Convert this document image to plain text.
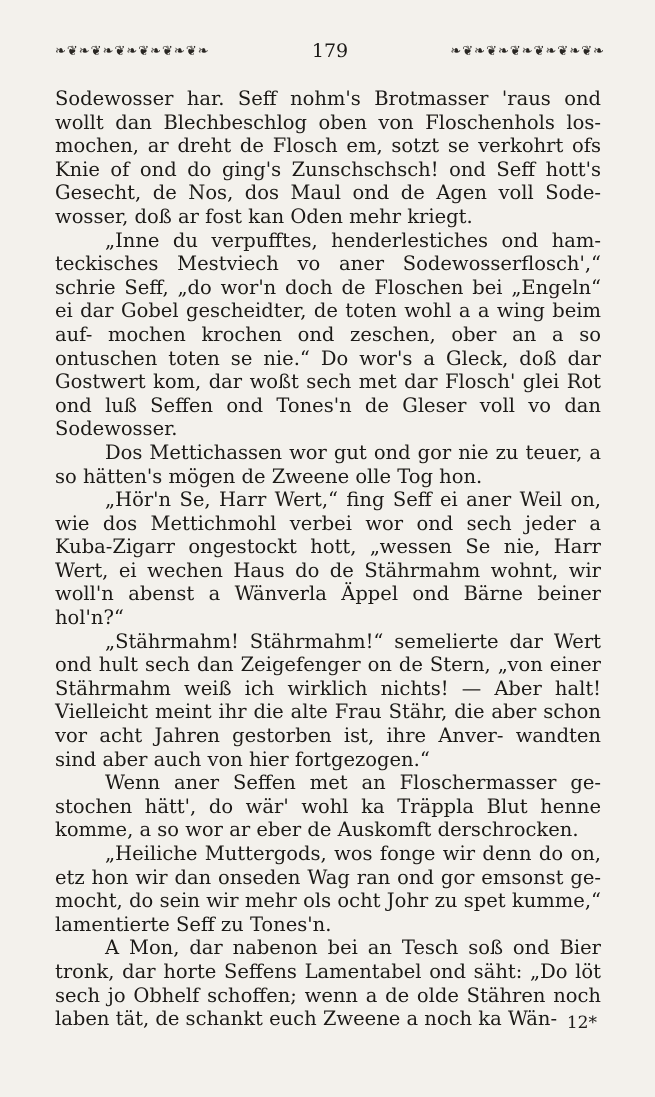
❧❦❧❦❧❦❧❦❧❦❧❦❧	179	❧❦❧❦❧❦❧❦❧❦❧❦❧

Sodewosser har. Seff nohm's Brotmasser 'raus ond wollt dan Blechbeschlog oben von Floschenhols los- mochen, ar dreht de Flosch em, sotzt se verkohrt ofs Knie of ond do ging's Zunschschsch! ond Seff hott's Gesecht, de Nos, dos Maul ond de Agen voll Sode- wosser, doß ar fost kan Oden mehr kriegt.

„Inne du verpufftes, henderlestiches ond ham- teckisches Mestviech vo aner Sodewosserflosch',“ schrie Seff, „do wor'n doch de Floschen bei „Engeln“ ei dar Gobel gescheidter, de toten wohl a a wing beim auf- mochen krochen ond zeschen, ober an a so ontuschen toten se nie.“ Do wor's a Gleck, doß dar Gostwert kom, dar woßt sech met dar Flosch' glei Rot ond luß Seffen ond Tones'n de Gleser voll vo dan Sodewosser.

Dos Mettichassen wor gut ond gor nie zu teuer, a so hätten's mögen de Zweene olle Tog hon.

„Hör'n Se, Harr Wert,“ fing Seff ei aner Weil on, wie dos Mettichmohl verbei wor ond sech jeder a Kuba-Zigarr ongestockt hott, „wessen Se nie, Harr Wert, ei wechen Haus do de Stährmahm wohnt, wir woll'n abenst a Wänverla Äppel ond Bärne beiner hol'n?“

„Stährmahm! Stährmahm!“ semelierte dar Wert ond hult sech dan Zeigefenger on de Stern, „von einer Stährmahm weiß ich wirklich nichts! — Aber halt! Vielleicht meint ihr die alte Frau Stähr, die aber schon vor acht Jahren gestorben ist, ihre Anver- wandten sind aber auch von hier fortgezogen.“

Wenn aner Seffen met an Floschermasser ge- stochen hätt', do wär' wohl ka Träppla Blut henne komme, a so wor ar eber de Auskomft derschrocken.

„Heiliche Muttergods, wos fonge wir denn do on, etz hon wir dan onseden Wag ran ond gor emsonst ge- mocht, do sein wir mehr ols ocht Johr zu spet kumme,“ lamentierte Seff zu Tones'n.

A Mon, dar nabenon bei an Tesch soß ond Bier tronk, dar horte Seffens Lamentabel ond säht: „Do löt sech jo Obhelf schoffen; wenn a de olde Stähren noch laben tät, de schankt euch Zweene a noch ka Wän- 12*
